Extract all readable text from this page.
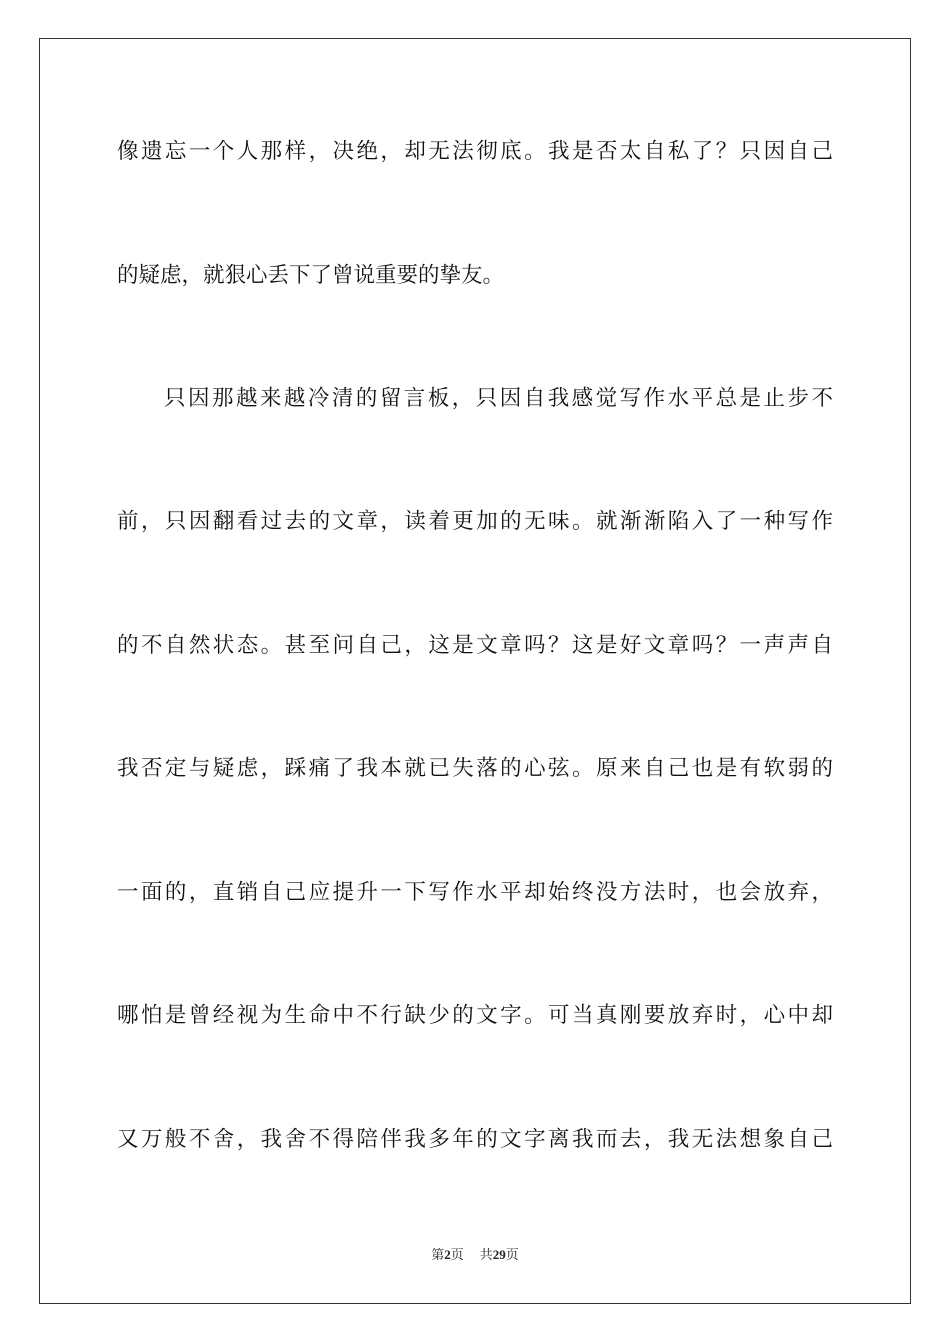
像遗忘一个人那样，决绝，却无法彻底。我是否太自私了？只因自己
的疑虑，就狠心丢下了曾说重要的挚友。
只因那越来越冷清的留言板，只因自我感觉写作水平总是止步不
前，只因翻看过去的文章，读着更加的无味。就渐渐陷入了一种写作
的不自然状态。甚至问自己，这是文章吗？这是好文章吗？一声声自
我否定与疑虑，踩痛了我本就已失落的心弦。原来自己也是有软弱的
一面的，直销自己应提升一下写作水平却始终没方法时，也会放弃，
哪怕是曾经视为生命中不行缺少的文字。可当真刚要放弃时，心中却
又万般不舍，我舍不得陪伴我多年的文字离我而去，我无法想象自己
第2页 共29页
